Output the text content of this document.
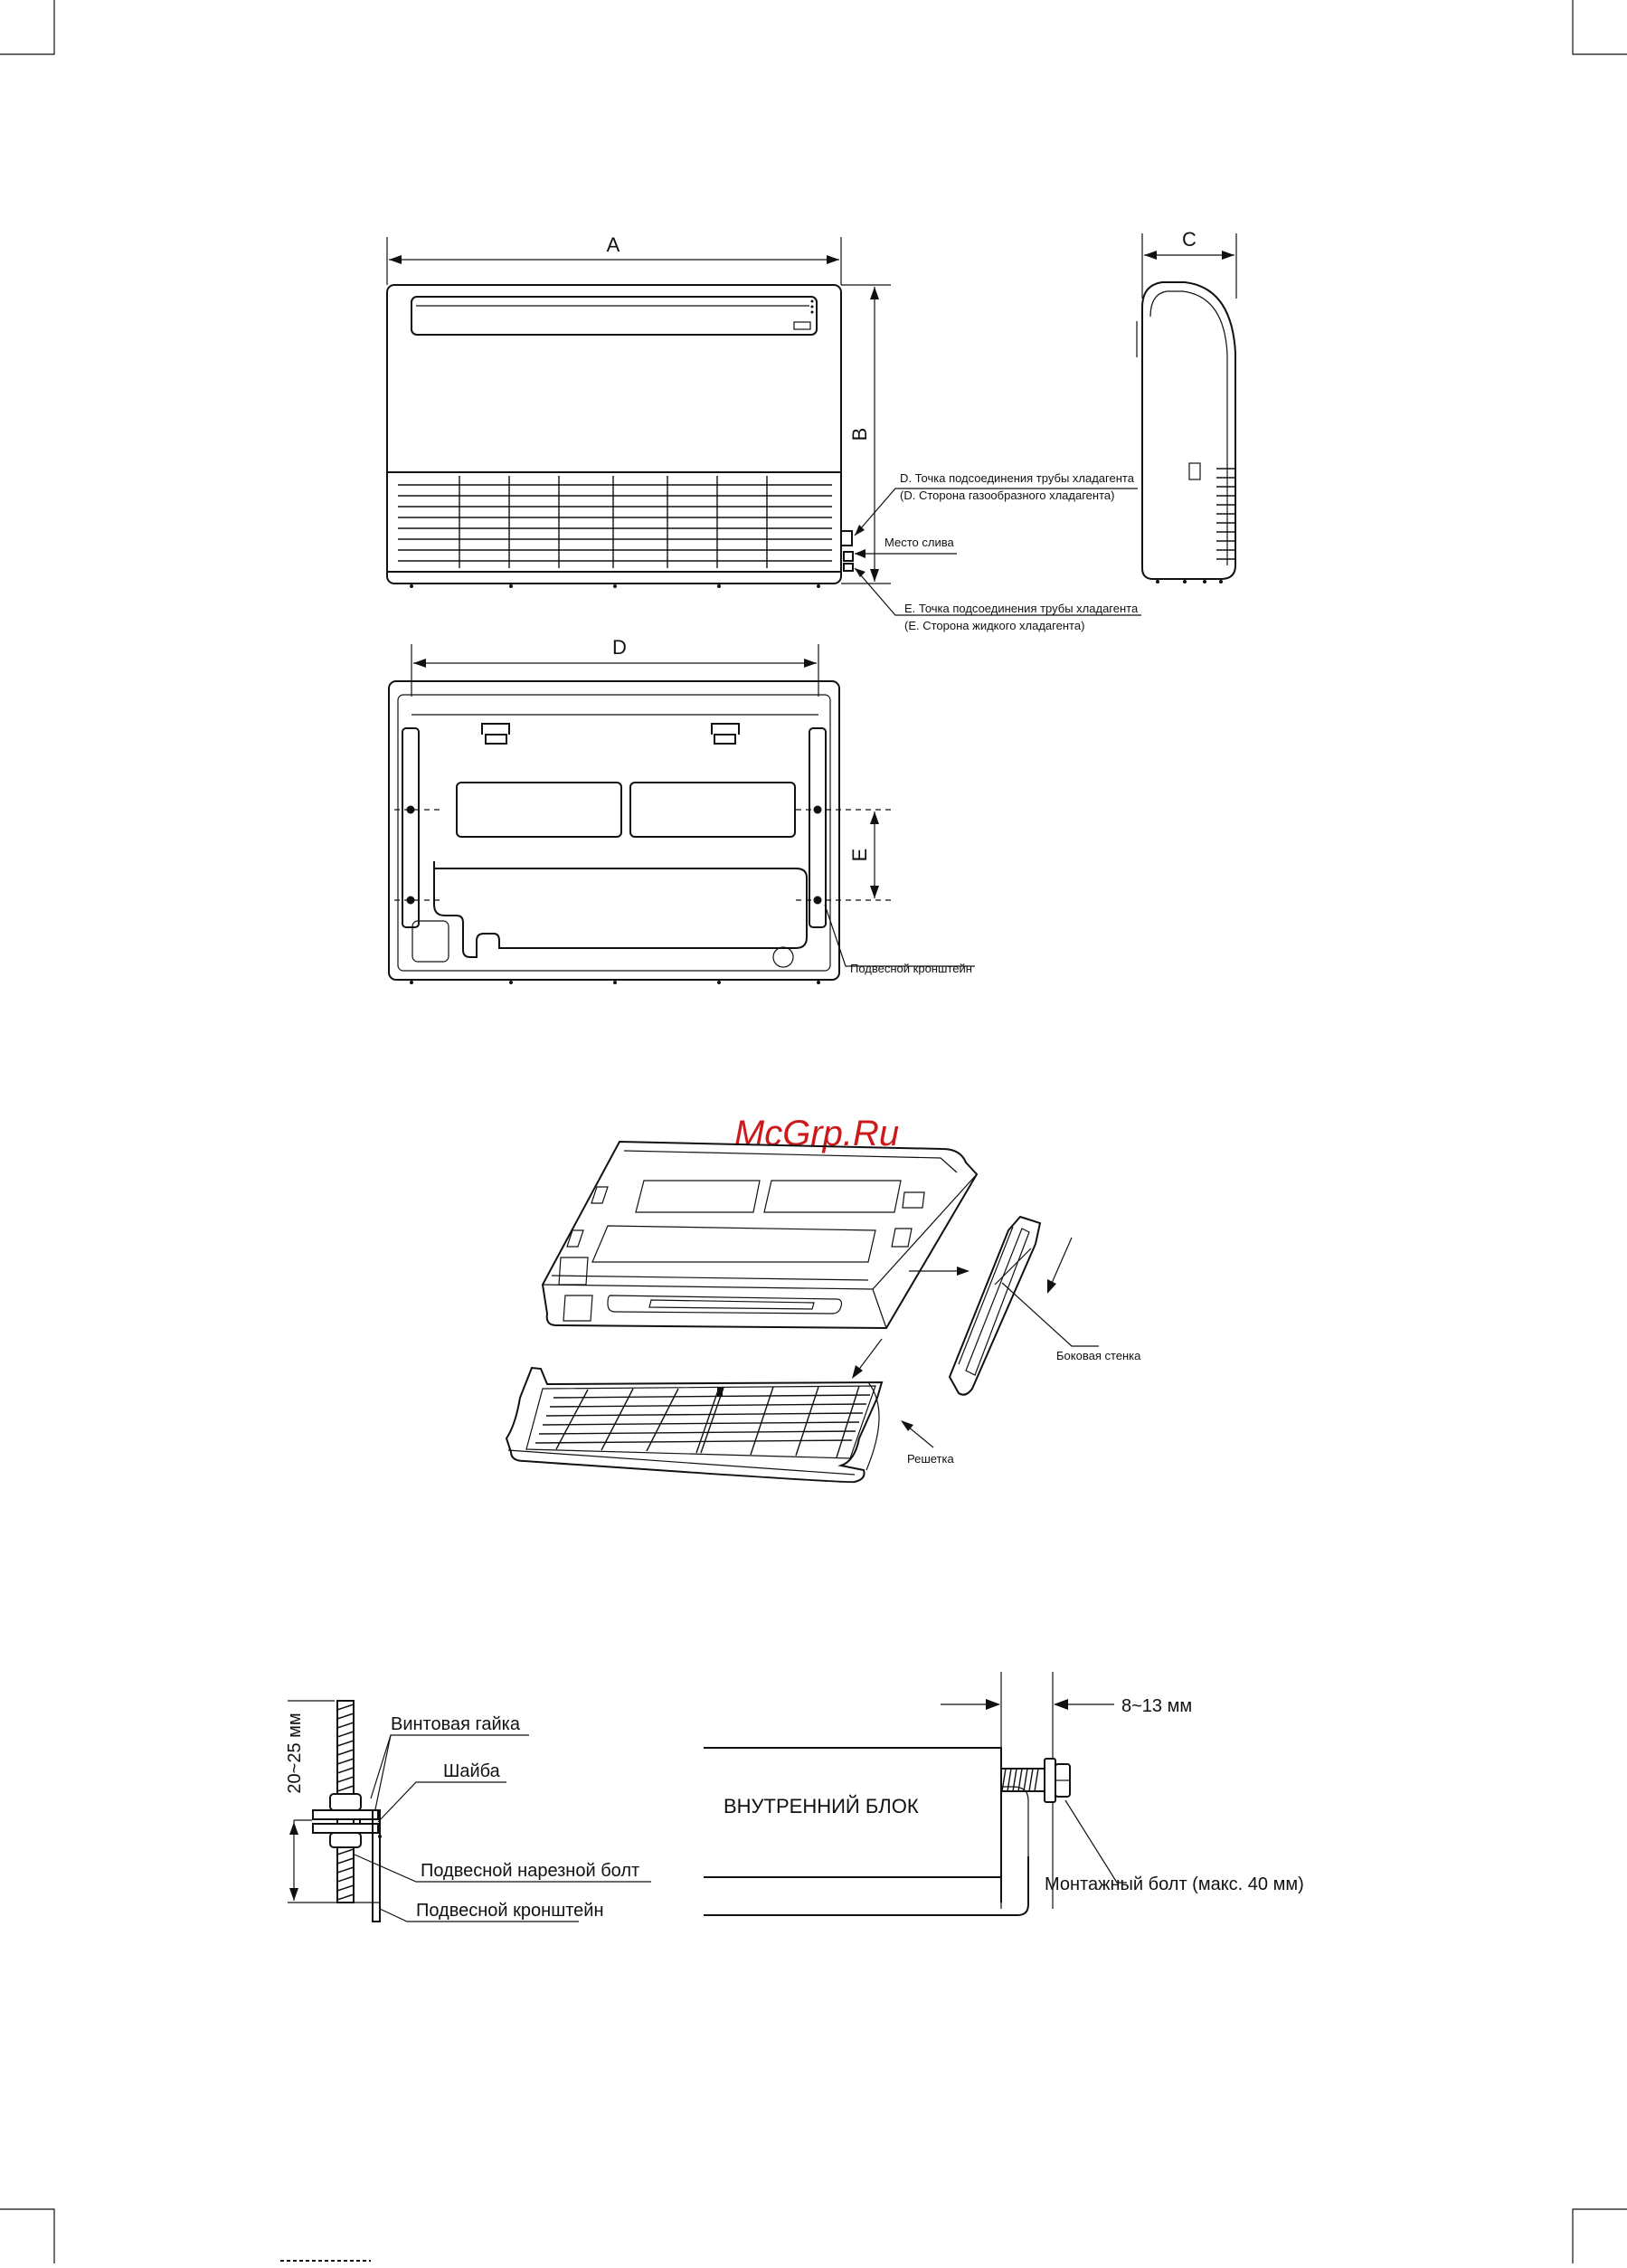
A
B
D. Точка подсоединения трубы хладагента
(D. Сторона газообразного хладагента)
Место слива
E. Точка подсоединения трубы хладагента
(E. Сторона жидкого хладагента)
C
D
E
Подвесной кронштейн
McGrp.Ru
Боковая стенка
Решетка
20~25 мм	Винтовая гайка
Шайба
Подвесной нарезной болт
Подвесной кронштейн
8~13 мм
ВНУТРЕННИЙ БЛОК
Монтажный болт (макс. 40 мм)
